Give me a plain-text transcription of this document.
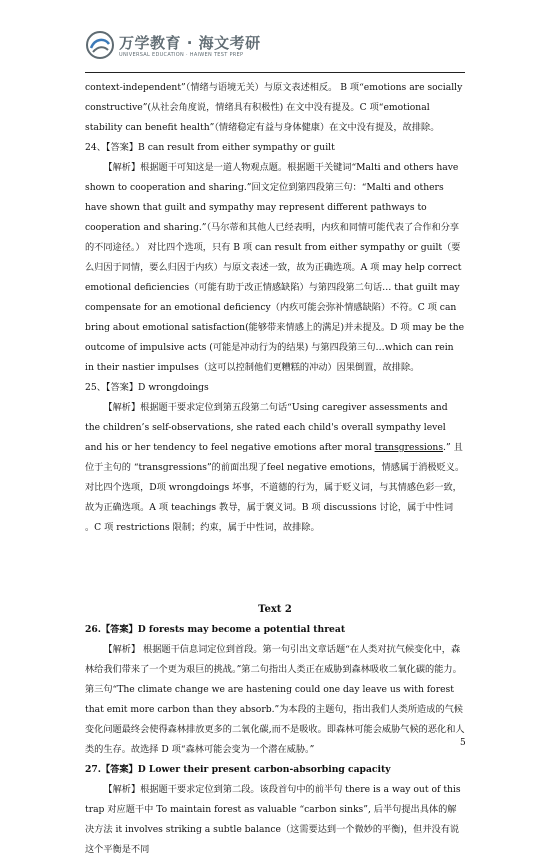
万学教育 · 海文考研
UNIVERSAL EDUCATION · HAIWEN TEST PREP

context-independent”（情绪与语境无关）与原文表述相反。 B 项“emotions are socially constructive”(从社会角度说，情绪具有积极性) 在文中没有提及。C 项“emotional stability can benefit health”（情绪稳定有益与身体健康）在文中没有提及，故排除。

24、【答案】B can result from either sympathy or guilt

【解析】根据题干可知这是一道人物观点题。根据题干关键词“Malti and others have shown to cooperation and sharing.”回文定位到第四段第三句：“Malti and others have shown that guilt and sympathy may represent different pathways to cooperation and sharing.”（马尔蒂和其他人已经表明，内疚和同情可能代表了合作和分享的不同途径。） 对比四个选项，只有 B 项 can result from either sympathy or guilt（要么归因于同情，要么归因于内疚）与原文表述一致，故为正确选项。A 项 may help correct emotional deficiencies（可能有助于改正情感缺陷）与第四段第二句话… that guilt may compensate for an emotional deficiency（内疚可能会弥补情感缺陷）不符。C 项 can bring about emotional satisfaction(能够带来情感上的满足)并未提及。D 项 may be the outcome of impulsive acts (可能是冲动行为的结果) 与第四段第三句…which can rein in their nastier impulses（这可以控制他们更糟糕的冲动）因果倒置，故排除。

25、【答案】D wrongdoings

【解析】根据题干要求定位到第五段第二句话“Using caregiver assessments and the children’s self-observations, she rated each child's overall sympathy level and his or her tendency to feel negative emotions after moral transgressions.” 且位于主句的 “transgressions”的前面出现了feel negative emotions，情感属于消极贬义。对比四个选项，D项 wrongdoings 坏事，不道德的行为，属于贬义词，与其情感色彩一致，故为正确选项。A 项 teachings 教导，属于褒义词。B 项 discussions 讨论，属于中性词 。C 项 restrictions 限制；约束，属于中性词，故排除。

Text 2

26.【答案】D forests may become a potential threat

【解析】 根据题干信息词定位到首段。第一句引出文章话题“在人类对抗气候变化中，森林给我们带来了一个更为艰巨的挑战。”第二句指出人类正在威胁到森林吸收二氧化碳的能力。第三句“The climate change we are hastening could one day leave us with forest that emit more carbon than they absorb.”为本段的主题句，指出我们人类所造成的气候变化问题最终会使得森林排放更多的二氧化碳,而不是吸收。即森林可能会威胁气候的恶化和人类的生存。故选择 D 项“森林可能会变为一个潜在威胁。”

27.【答案】D Lower their present carbon-absorbing capacity

【解析】根据题干要求定位到第二段。该段首句中的前半句 there is a way out of this trap 对应题干中 To maintain forest as valuable “carbon sinks”, 后半句提出具体的解决方法 it involves striking a subtle balance（这需要达到一个微妙的平衡)，但并没有说这个平衡是不同

5
